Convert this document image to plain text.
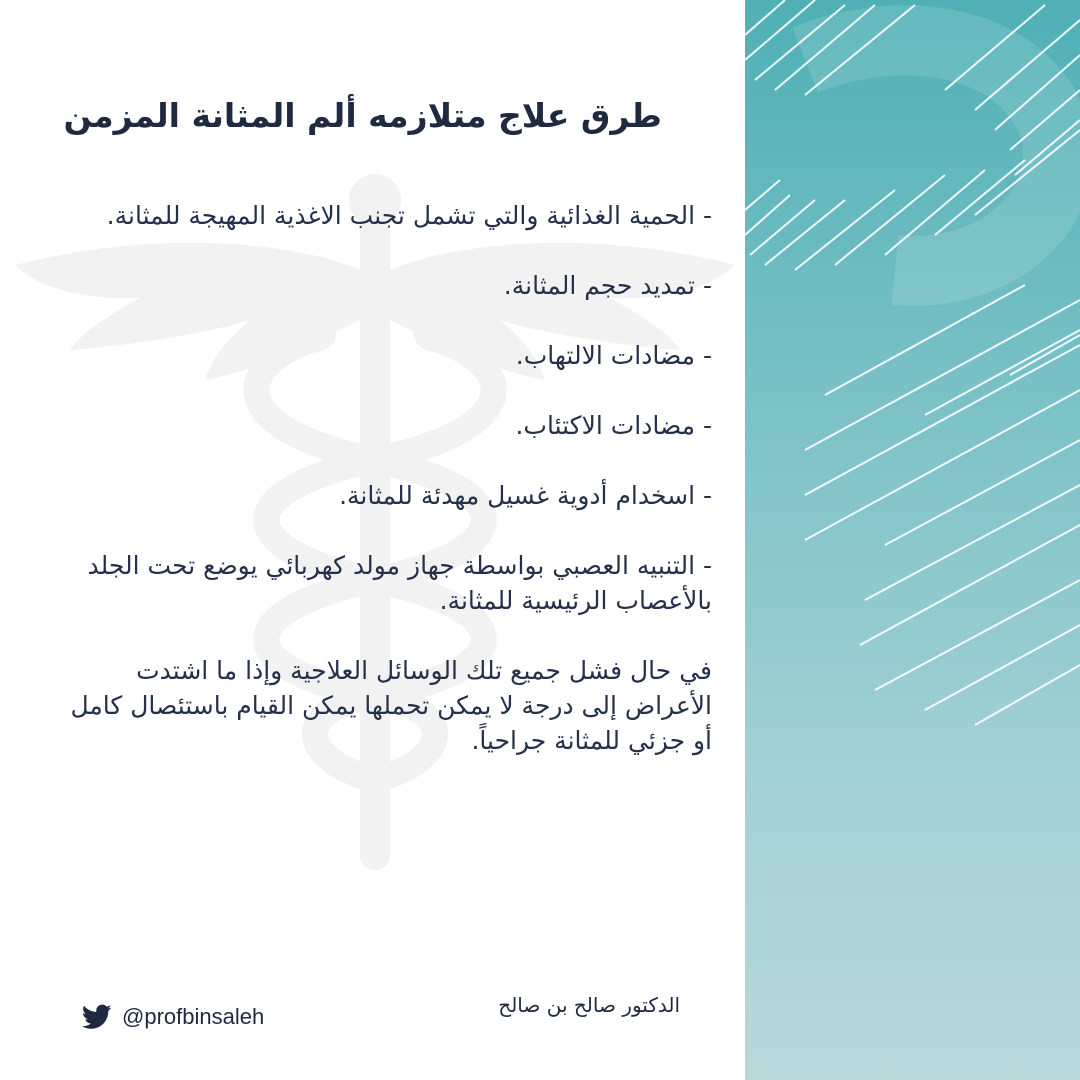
طرق علاج متلازمه ألم المثانة المزمن

- الحمية الغذائية والتي تشمل تجنب الاغذية المهيجة للمثانة.

- تمديد حجم المثانة.

- مضادات الالتهاب.

- مضادات الاكتئاب.

- اسخدام أدوية غسيل مهدئة للمثانة.

- التنبيه العصبي بواسطة جهاز مولد كهربائي يوضع تحت الجلد بالأعصاب الرئيسية للمثانة.

في حال فشل جميع تلك الوسائل العلاجية وإذا ما اشتدت الأعراض إلى درجة لا يمكن تحملها يمكن القيام باستئصال كامل أو جزئي للمثانة جراحياً.

الدكتور صالح بن صالح
@profbinsaleh
